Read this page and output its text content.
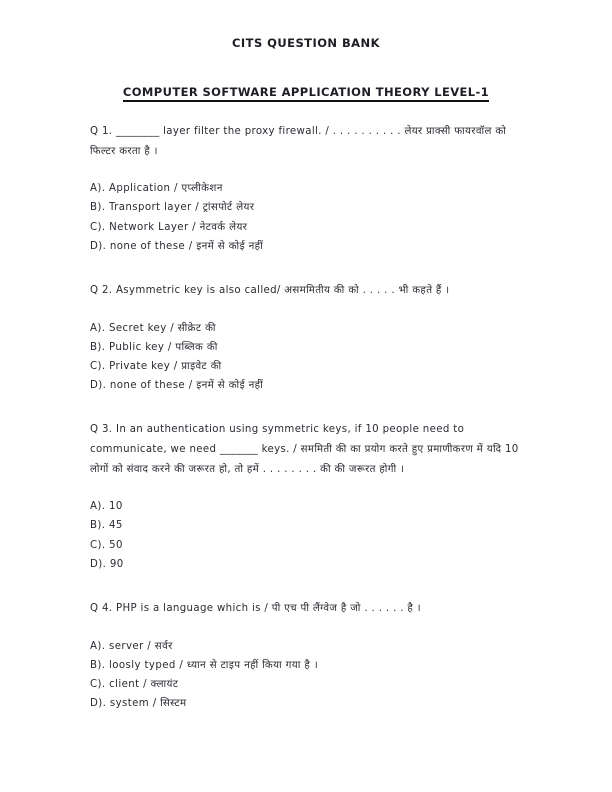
CITS QUESTION BANK
COMPUTER SOFTWARE APPLICATION THEORY LEVEL-1

Q 1. ________ layer filter the proxy firewall. / . . . . . . . . . . लेयर प्राक्सी फायरवॉल को फिल्टर करता है ।

A). Application / एप्लीकेशन
B). Transport layer / ट्रांसपोर्ट लेयर
C). Network Layer / नेटवर्क लेयर
D). none of these / इनमें से कोई नहीं

Q 2. Asymmetric key is also called/ असममितीय की को . . . . . भी कहते हैं ।

A). Secret key / सीक्रेट की
B). Public key / पब्लिक की
C). Private key / प्राइवेट की
D). none of these / इनमें से कोई नहीं

Q 3. In an authentication using symmetric keys, if 10 people need to communicate, we need _______ keys. / सममिती की का प्रयोग करते हुए प्रमाणीकरण में यदि 10 लोगों को संवाद करने की जरूरत हो, तो हमें . . . . . . . . की की जरूरत होगी ।

A). 10
B). 45
C). 50
D). 90

Q 4. PHP is a language which is / पी एच पी लैंग्वेज है जो . . . . . . है ।

A). server / सर्वर
B). loosly typed / ध्यान से टाइप नहीं किया गया है ।
C). client / क्लायंट
D). system / सिस्टम
